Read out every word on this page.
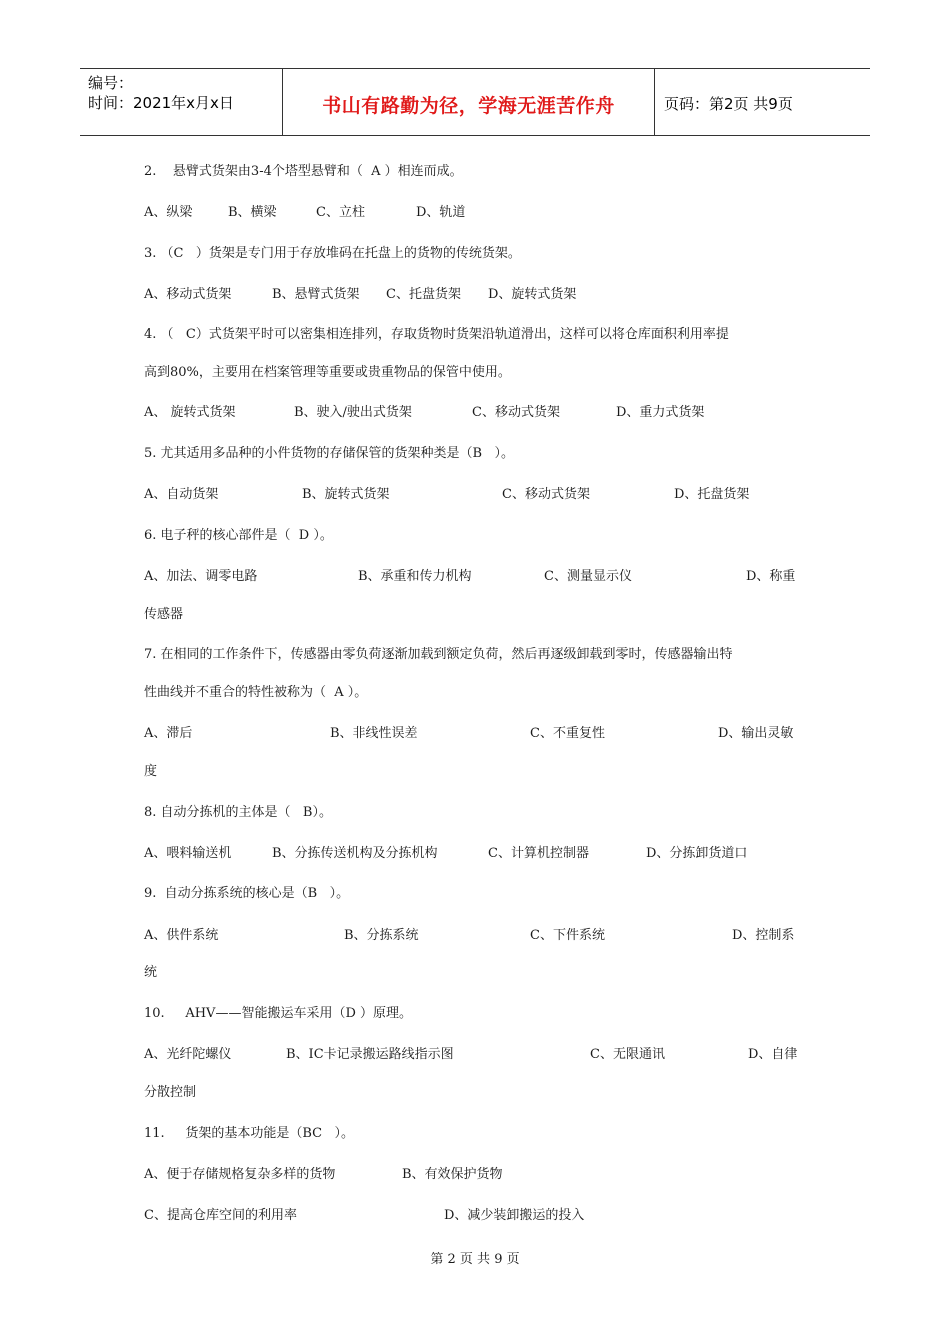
编号：
时间：2021年x月x日	书山有路勤为径，学海无涯苦作舟	页码：第2页 共9页
2.    悬臂式货架由3-4个塔型悬臂和（  A ）相连而成。
A、纵梁	B、横梁	C、立柱	D、轨道
3. （C   ）货架是专门用于存放堆码在托盘上的货物的传统货架。
A、移动式货架	B、悬臂式货架 C、托盘货架 D、旋转式货架
4. （   C）式货架平时可以密集相连排列，存取货物时货架沿轨道滑出，这样可以将仓库面积利用率提
高到80%，主要用在档案管理等重要或贵重物品的保管中使用。
A、 旋转式货架	B、驶入/驶出式货架	C、移动式货架	D、重力式货架
5. 尤其适用多品种的小件货物的存储保管的货架种类是（B   ）。
A、自动货架	B、旋转式货架	C、移动式货架	D、托盘货架
6. 电子秤的核心部件是（  D ）。
A、加法、调零电路	B、承重和传力机构	C、测量显示仪	D、称重
传感器
7. 在相同的工作条件下，传感器由零负荷逐渐加载到额定负荷，然后再逐级卸载到零时，传感器输出特
性曲线并不重合的特性被称为（  A ）。
A、滞后	B、非线性误差	C、不重复性	D、输出灵敏
度
8. 自动分拣机的主体是（   B）。
A、喂料输送机	B、分拣传送机构及分拣机构	C、计算机控制器	D、分拣卸货道口
9.  自动分拣系统的核心是（B   ）。
A、供件系统	B、分拣系统	C、下件系统	D、控制系
统
10.     AHV——智能搬运车采用（D ）原理。
A、光纤陀螺仪	B、IC卡记录搬运路线指示图	C、无限通讯	D、自律
分散控制
11.     货架的基本功能是（BC   ）。
A、便于存储规格复杂多样的货物	B、有效保护货物
C、提高仓库空间的利用率	D、减少装卸搬运的投入
第 2 页 共 9 页
